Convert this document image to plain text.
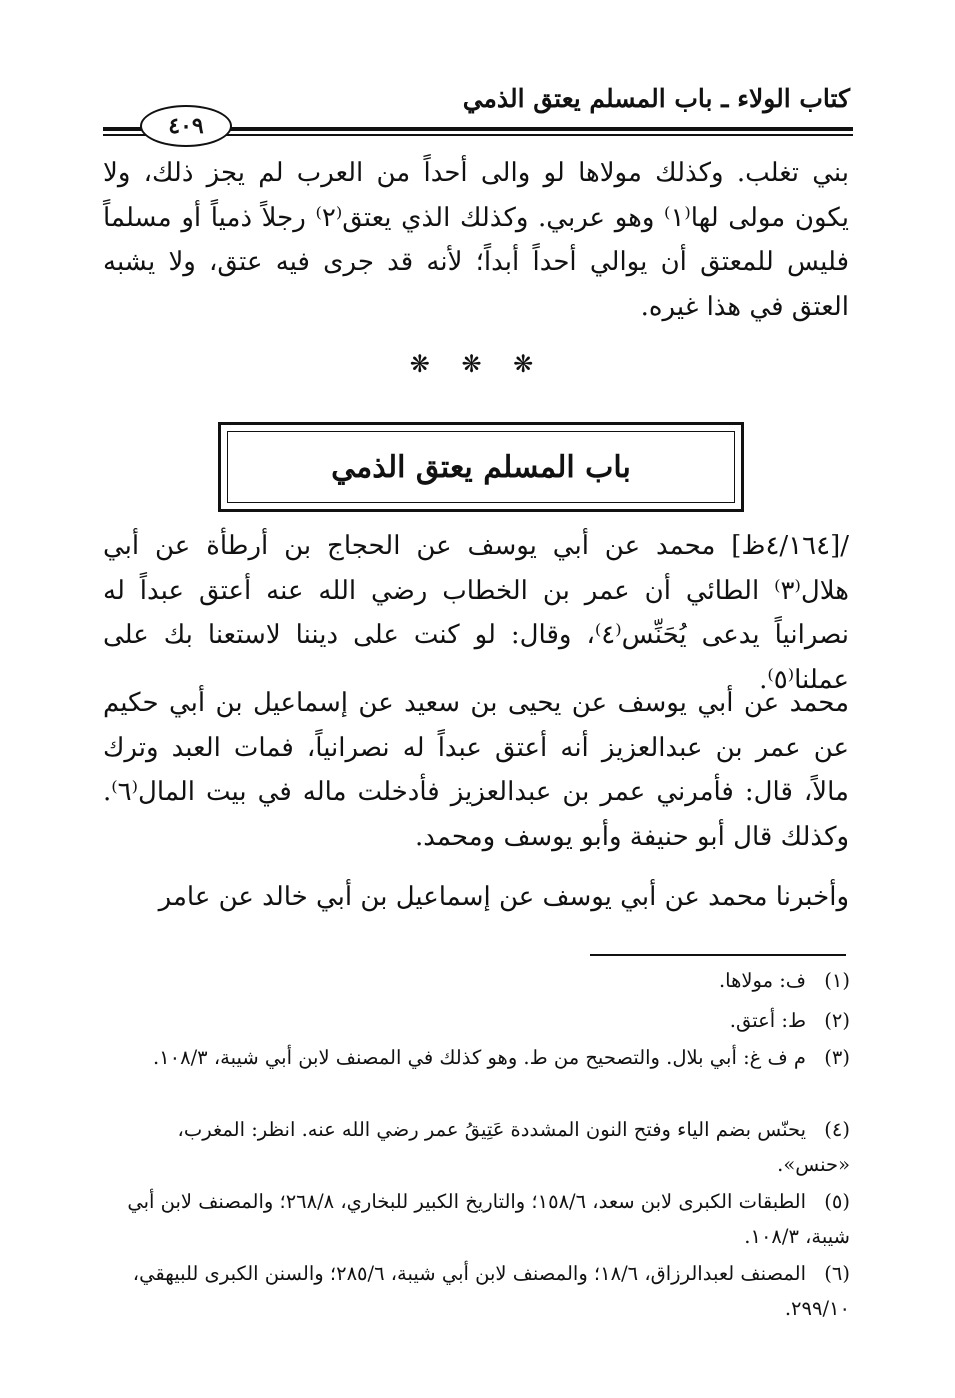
كتاب الولاء ـ باب المسلم يعتق الذمي
٤٠٩
بني تغلب. وكذلك مولاها لو والى أحداً من العرب لم يجز ذلك، ولا يكون مولى لها⁽١⁾ وهو عربي. وكذلك الذي يعتق⁽٢⁾ رجلاً ذمياً أو مسلماً فليس للمعتق أن يوالي أحداً أبداً؛ لأنه قد جرى فيه عتق، ولا يشبه العتق في هذا غيره.
❋ ❋ ❋
باب المسلم يعتق الذمي
/[٤/١٦٤ظ] محمد عن أبي يوسف عن الحجاج بن أرطأة عن أبي هلال⁽٣⁾ الطائي أن عمر بن الخطاب رضي الله عنه أعتق عبداً له نصرانياً يدعى يُحَنِّس⁽٤⁾، وقال: لو كنت على ديننا لاستعنا بك على عملنا⁽٥⁾.
محمد عن أبي يوسف عن يحيى بن سعيد عن إسماعيل بن أبي حكيم عن عمر بن عبدالعزيز أنه أعتق عبداً له نصرانياً، فمات العبد وترك مالاً، قال: فأمرني عمر بن عبدالعزيز فأدخلت ماله في بيت المال⁽٦⁾. وكذلك قال أبو حنيفة وأبو يوسف ومحمد.
وأخبرنا محمد عن أبي يوسف عن إسماعيل بن أبي خالد عن عامر
(١)ف: مولاها.
(٢)ط: أعتق.
(٣)م ف غ: أبي بلال. والتصحيح من ط. وهو كذلك في المصنف لابن أبي شيبة، ١٠٨/٣.
(٤)يحنّس بضم الياء وفتح النون المشددة عَتِيقُ عمر رضي الله عنه. انظر: المغرب، «حنس».
(٥)الطبقات الكبرى لابن سعد، ١٥٨/٦؛ والتاريخ الكبير للبخاري، ٢٦٨/٨؛ والمصنف لابن أبي شيبة، ١٠٨/٣.
(٦)المصنف لعبدالرزاق، ١٨/٦؛ والمصنف لابن أبي شيبة، ٢٨٥/٦؛ والسنن الكبرى للبيهقي، ٢٩٩/١٠.
